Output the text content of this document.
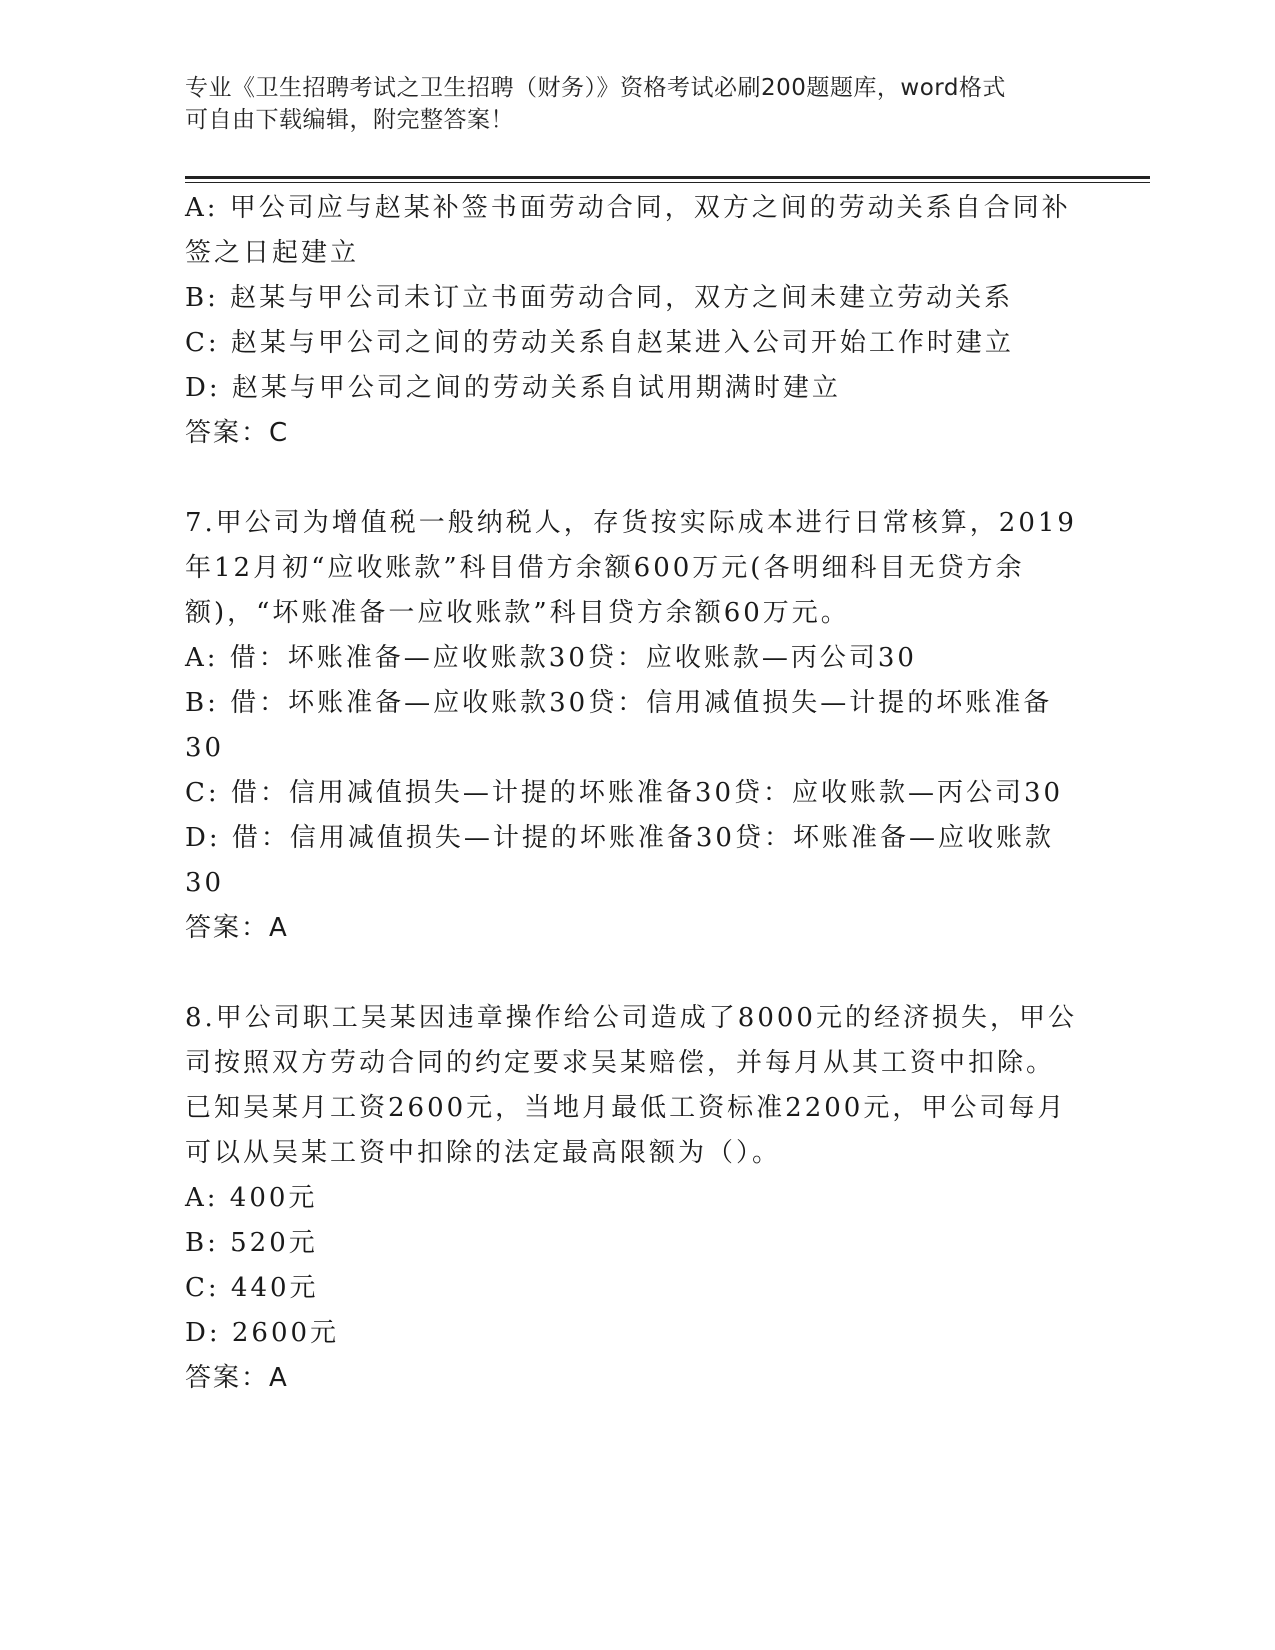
专业《卫生招聘考试之卫生招聘（财务）》资格考试必刷200题题库，word格式
可自由下载编辑，附完整答案！
A: 甲公司应与赵某补签书面劳动合同，双方之间的劳动关系自合同补
签之日起建立
B: 赵某与甲公司未订立书面劳动合同，双方之间未建立劳动关系
C: 赵某与甲公司之间的劳动关系自赵某进入公司开始工作时建立
D: 赵某与甲公司之间的劳动关系自试用期满时建立
答案：C
7.甲公司为增值税一般纳税人，存货按实际成本进行日常核算，2019
年12月初“应收账款”科目借方余额600万元(各明细科目无贷方余
额)，“坏账准备一应收账款”科目贷方余额60万元。
A: 借：坏账准备—应收账款30贷：应收账款—丙公司30
B: 借：坏账准备—应收账款30贷：信用减值损失—计提的坏账准备
30
C: 借：信用减值损失—计提的坏账准备30贷：应收账款—丙公司30
D: 借：信用减值损失—计提的坏账准备30贷：坏账准备—应收账款
30
答案：A
8.甲公司职工吴某因违章操作给公司造成了8000元的经济损失，甲公
司按照双方劳动合同的约定要求吴某赔偿，并每月从其工资中扣除。
已知吴某月工资2600元，当地月最低工资标准2200元，甲公司每月
可以从吴某工资中扣除的法定最高限额为（）。
A: 400元
B: 520元
C: 440元
D: 2600元
答案：A
